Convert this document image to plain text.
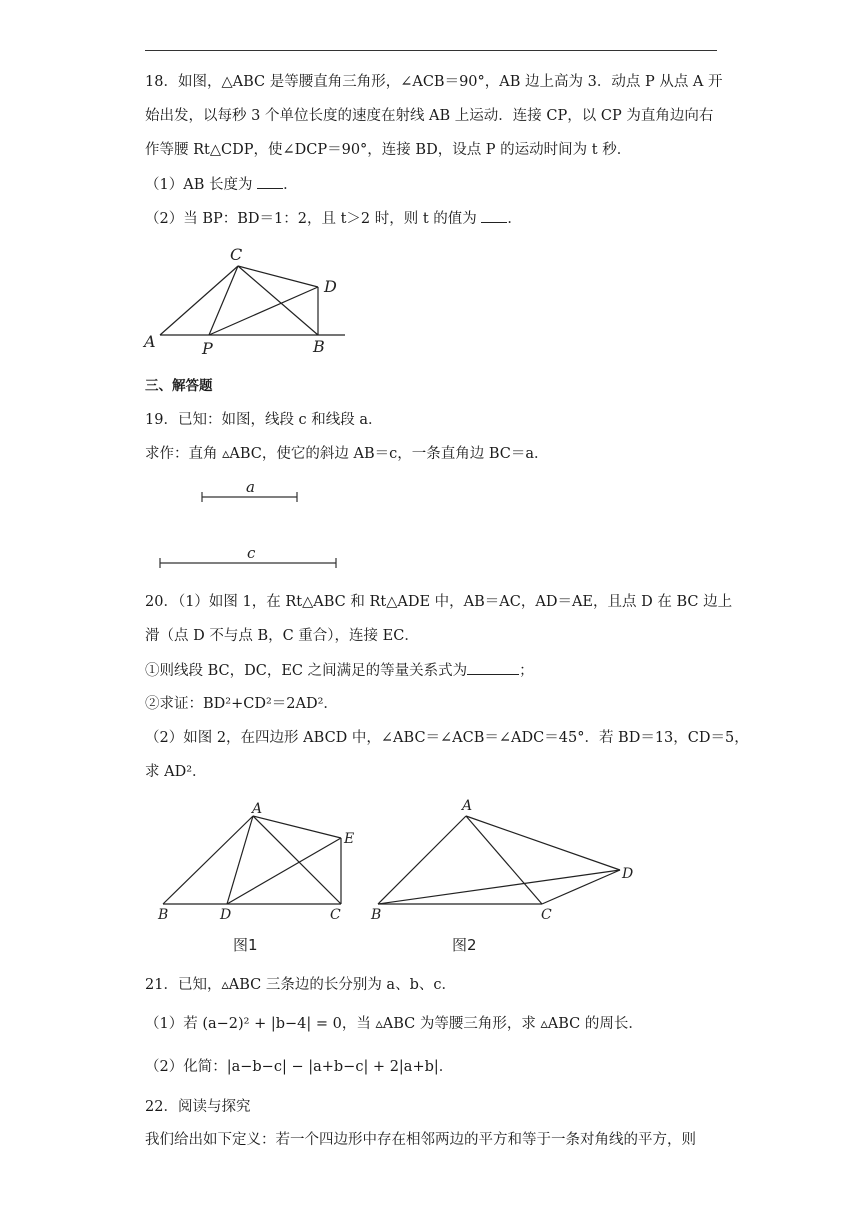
18．如图，△ABC 是等腰直角三角形，∠ACB＝90°，AB 边上高为 3．动点 P 从点 A 开
始出发，以每秒 3 个单位长度的速度在射线 AB 上运动．连接 CP，以 CP 为直角边向右
作等腰 Rt△CDP，使∠DCP＝90°，连接 BD，设点 P 的运动时间为 t 秒．
（1）AB 长度为 ．
（2）当 BP：BD＝1：2，且 t＞2 时，则 t 的值为 ．
A	P	B
C
D
三、解答题
19．已知：如图，线段 c 和线段 a．
求作：直角 ▵ABC，使它的斜边 AB＝c，一条直角边 BC＝a．
a
c
20．（1）如图 1，在 Rt△ABC 和 Rt△ADE 中，AB＝AC，AD＝AE，且点 D 在 BC 边上
滑（点 D 不与点 B，C 重合），连接 EC．
①则线段 BC，DC，EC 之间满足的等量关系式为	；
②求证：BD²+CD²＝2AD²．
（2）如图 2，在四边形 ABCD 中，∠ABC＝∠ACB＝∠ADC＝45°．若 BD＝13，CD＝5，
求 AD²．
A
B	D	C
E
图1
A
B	C
D
图2
21．已知，▵ABC 三条边的长分别为 a、b、c．
（1）若 (a−2)² + |b−4| = 0，当 ▵ABC 为等腰三角形，求 ▵ABC 的周长．
（2）化简：|a−b−c| − |a+b−c| + 2|a+b|．
22．阅读与探究
我们给出如下定义：若一个四边形中存在相邻两边的平方和等于一条对角线的平方，则
